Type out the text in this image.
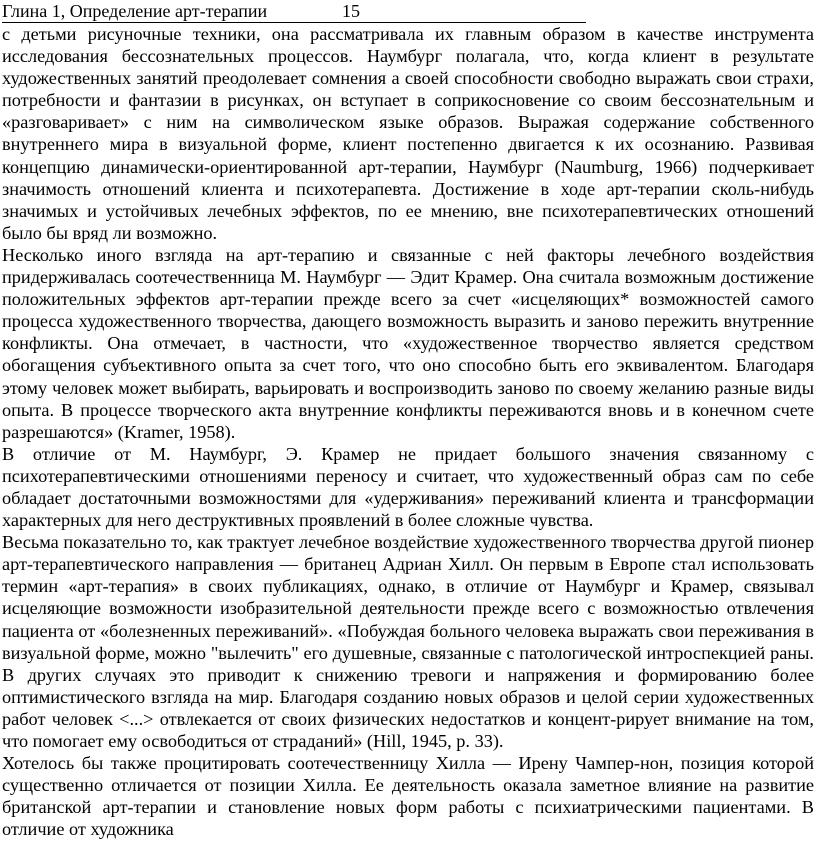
Глина 1, Определение арт-терапии	15

с детьми рисуночные техники, она рассматривала их главным образом в качестве инструмента исследования бессознательных процессов. Наумбург полагала, что, когда клиент в результате художественных занятий преодолевает сомнения а своей способности свободно выражать свои страхи, потребности и фантазии в рисунках, он вступает в соприкосновение со своим бессознательным и «разговаривает» с ним на символическом языке образов. Выражая содержание собственного внутреннего мира в визуальной форме, клиент постепенно двигается к их осознанию. Развивая концепцию динамически-ориентированной арт-терапии, Наумбург (Naumburg, 1966) подчеркивает значимость отношений клиента и психотерапевта. Достижение в ходе арт-терапии сколь-нибудь значимых и устойчивых лечебных эффектов, по ее мнению, вне психотерапевтических отношений было бы вряд ли возможно.

Несколько иного взгляда на арт-терапию и связанные с ней факторы лечебного воздействия придерживалась соотечественница М. Наумбург — Эдит Крамер. Она считала возможным достижение положительных эффектов арт-терапии прежде всего за счет «исцеляющих* возможностей самого процесса художественного творчества, дающего возможность выразить и заново пережить внутренние конфликты. Она отмечает, в частности, что «художественное творчество является средством обогащения субъективного опыта за счет того, что оно способно быть его эквивалентом. Благодаря этому человек может выбирать, варьировать и воспроизводить заново по своему желанию разные виды опыта. В процессе творческого акта внутренние конфликты переживаются вновь и в конечном счете разрешаются» (Kramer, 1958).

В отличие от М. Наумбург, Э. Крамер не придает большого значения связанному с психотерапевтическими отношениями переносу и считает, что художественный образ сам по себе обладает достаточными возможностями для «удерживания» переживаний клиента и трансформации характерных для него деструктивных проявлений в более сложные чувства.

Весьма показательно то, как трактует лечебное воздействие художественного творчества другой пионер арт-терапевтического направления — британец Адриан Хилл. Он первым в Европе стал использовать термин «арт-терапия» в своих публикациях, однако, в отличие от Наумбург и Крамер, связывал исцеляющие возможности изобразительной деятельности прежде всего с возможностью отвлечения пациента от «болезненных переживаний». «Побуждая больного человека выражать свои переживания в визуальной форме, можно "вылечить" его душевные, связанные с патологической интроспекцией раны. В других случаях это приводит к снижению тревоги и напряжения и формированию более оптимистического взгляда на мир. Благодаря созданию новых образов и целой серии художественных работ человек <...> отвлекается от своих физических недостатков и концент-рирует внимание на том, что помогает ему освободиться от страданий» (Hill, 1945, р. 33).

Хотелось бы также процитировать соотечественницу Хилла — Ирену Чампер-нон, позиция которой существенно отличается от позиции Хилла. Ее деятельность оказала заметное влияние на развитие британской арт-терапии и становление новых форм работы с психиатрическими пациентами. В отличие от художника
